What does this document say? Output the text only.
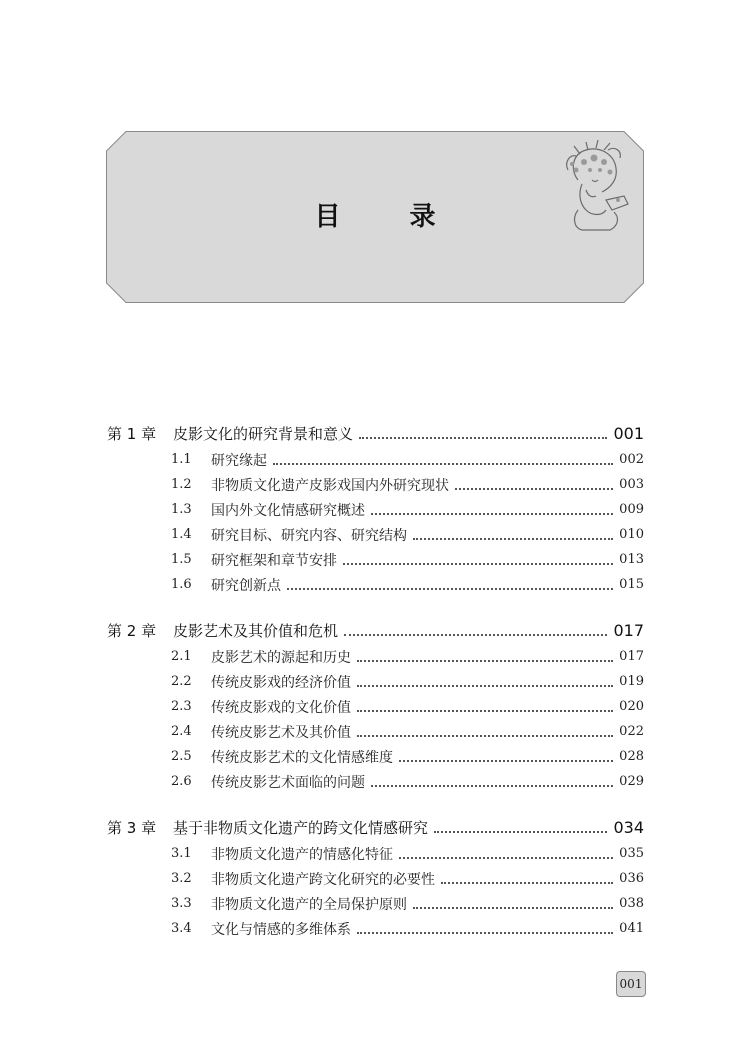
目 录
第 1 章	皮影文化的研究背景和意义	001
1.1	研究缘起	002
1.2	非物质文化遗产皮影戏国内外研究现状	003
1.3	国内外文化情感研究概述	009
1.4	研究目标、研究内容、研究结构	010
1.5	研究框架和章节安排	013
1.6	研究创新点	015
第 2 章	皮影艺术及其价值和危机	017
2.1	皮影艺术的源起和历史	017
2.2	传统皮影戏的经济价值	019
2.3	传统皮影戏的文化价值	020
2.4	传统皮影艺术及其价值	022
2.5	传统皮影艺术的文化情感维度	028
2.6	传统皮影艺术面临的问题	029
第 3 章	基于非物质文化遗产的跨文化情感研究	034
3.1	非物质文化遗产的情感化特征	035
3.2	非物质文化遗产跨文化研究的必要性	036
3.3	非物质文化遗产的全局保护原则	038
3.4	文化与情感的多维体系	041
001
